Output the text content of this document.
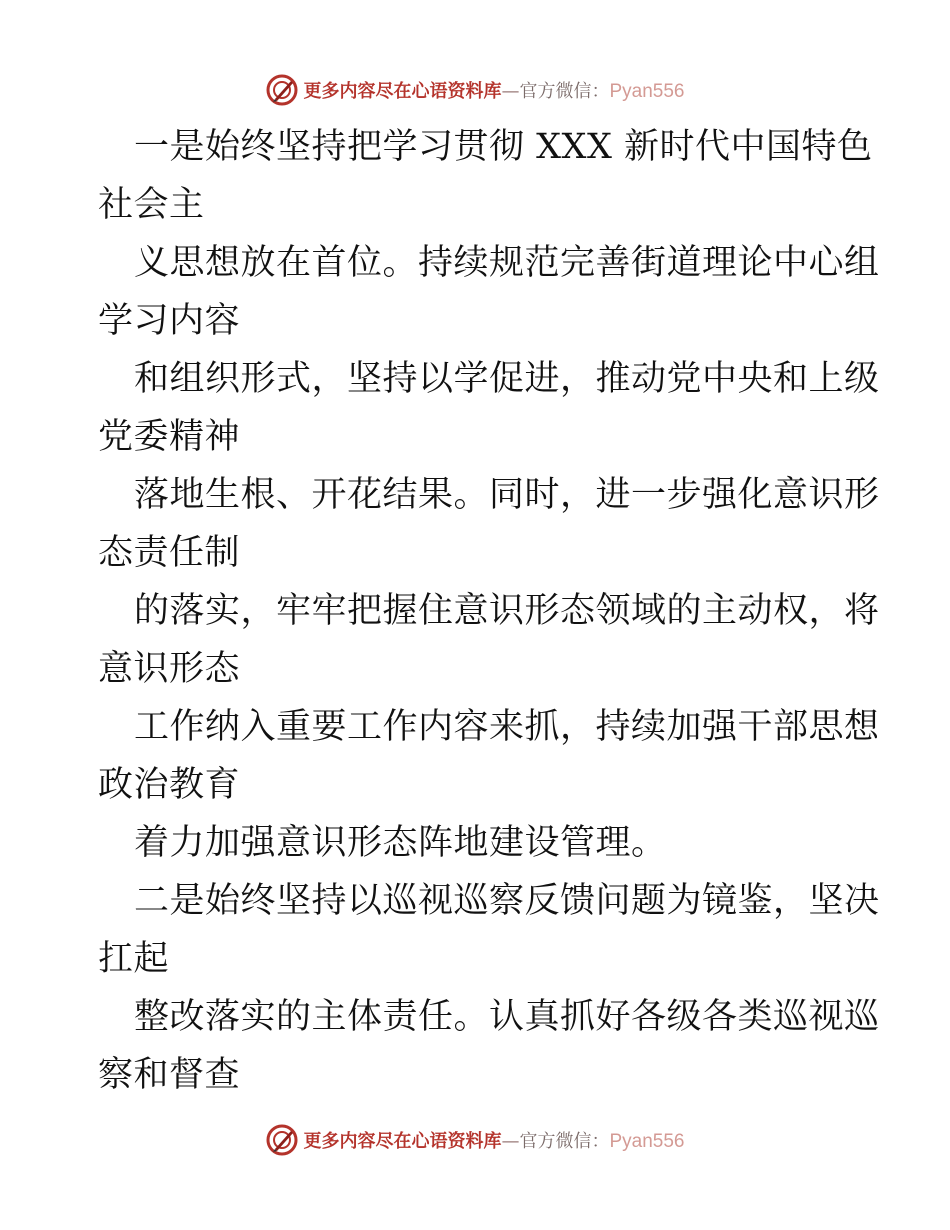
更多内容尽在心语资料库—官方微信：Pyan556
一是始终坚持把学习贯彻 XXX 新时代中国特色
社会主
义思想放在首位。持续规范完善街道理论中心组
学习内容
和组织形式，坚持以学促进，推动党中央和上级
党委精神
落地生根、开花结果。同时，进一步强化意识形
态责任制
的落实，牢牢把握住意识形态领域的主动权，将
意识形态
工作纳入重要工作内容来抓，持续加强干部思想
政治教育
着力加强意识形态阵地建设管理。
二是始终坚持以巡视巡察反馈问题为镜鉴，坚决
扛起
整改落实的主体责任。认真抓好各级各类巡视巡
察和督查
更多内容尽在心语资料库—官方微信：Pyan556
